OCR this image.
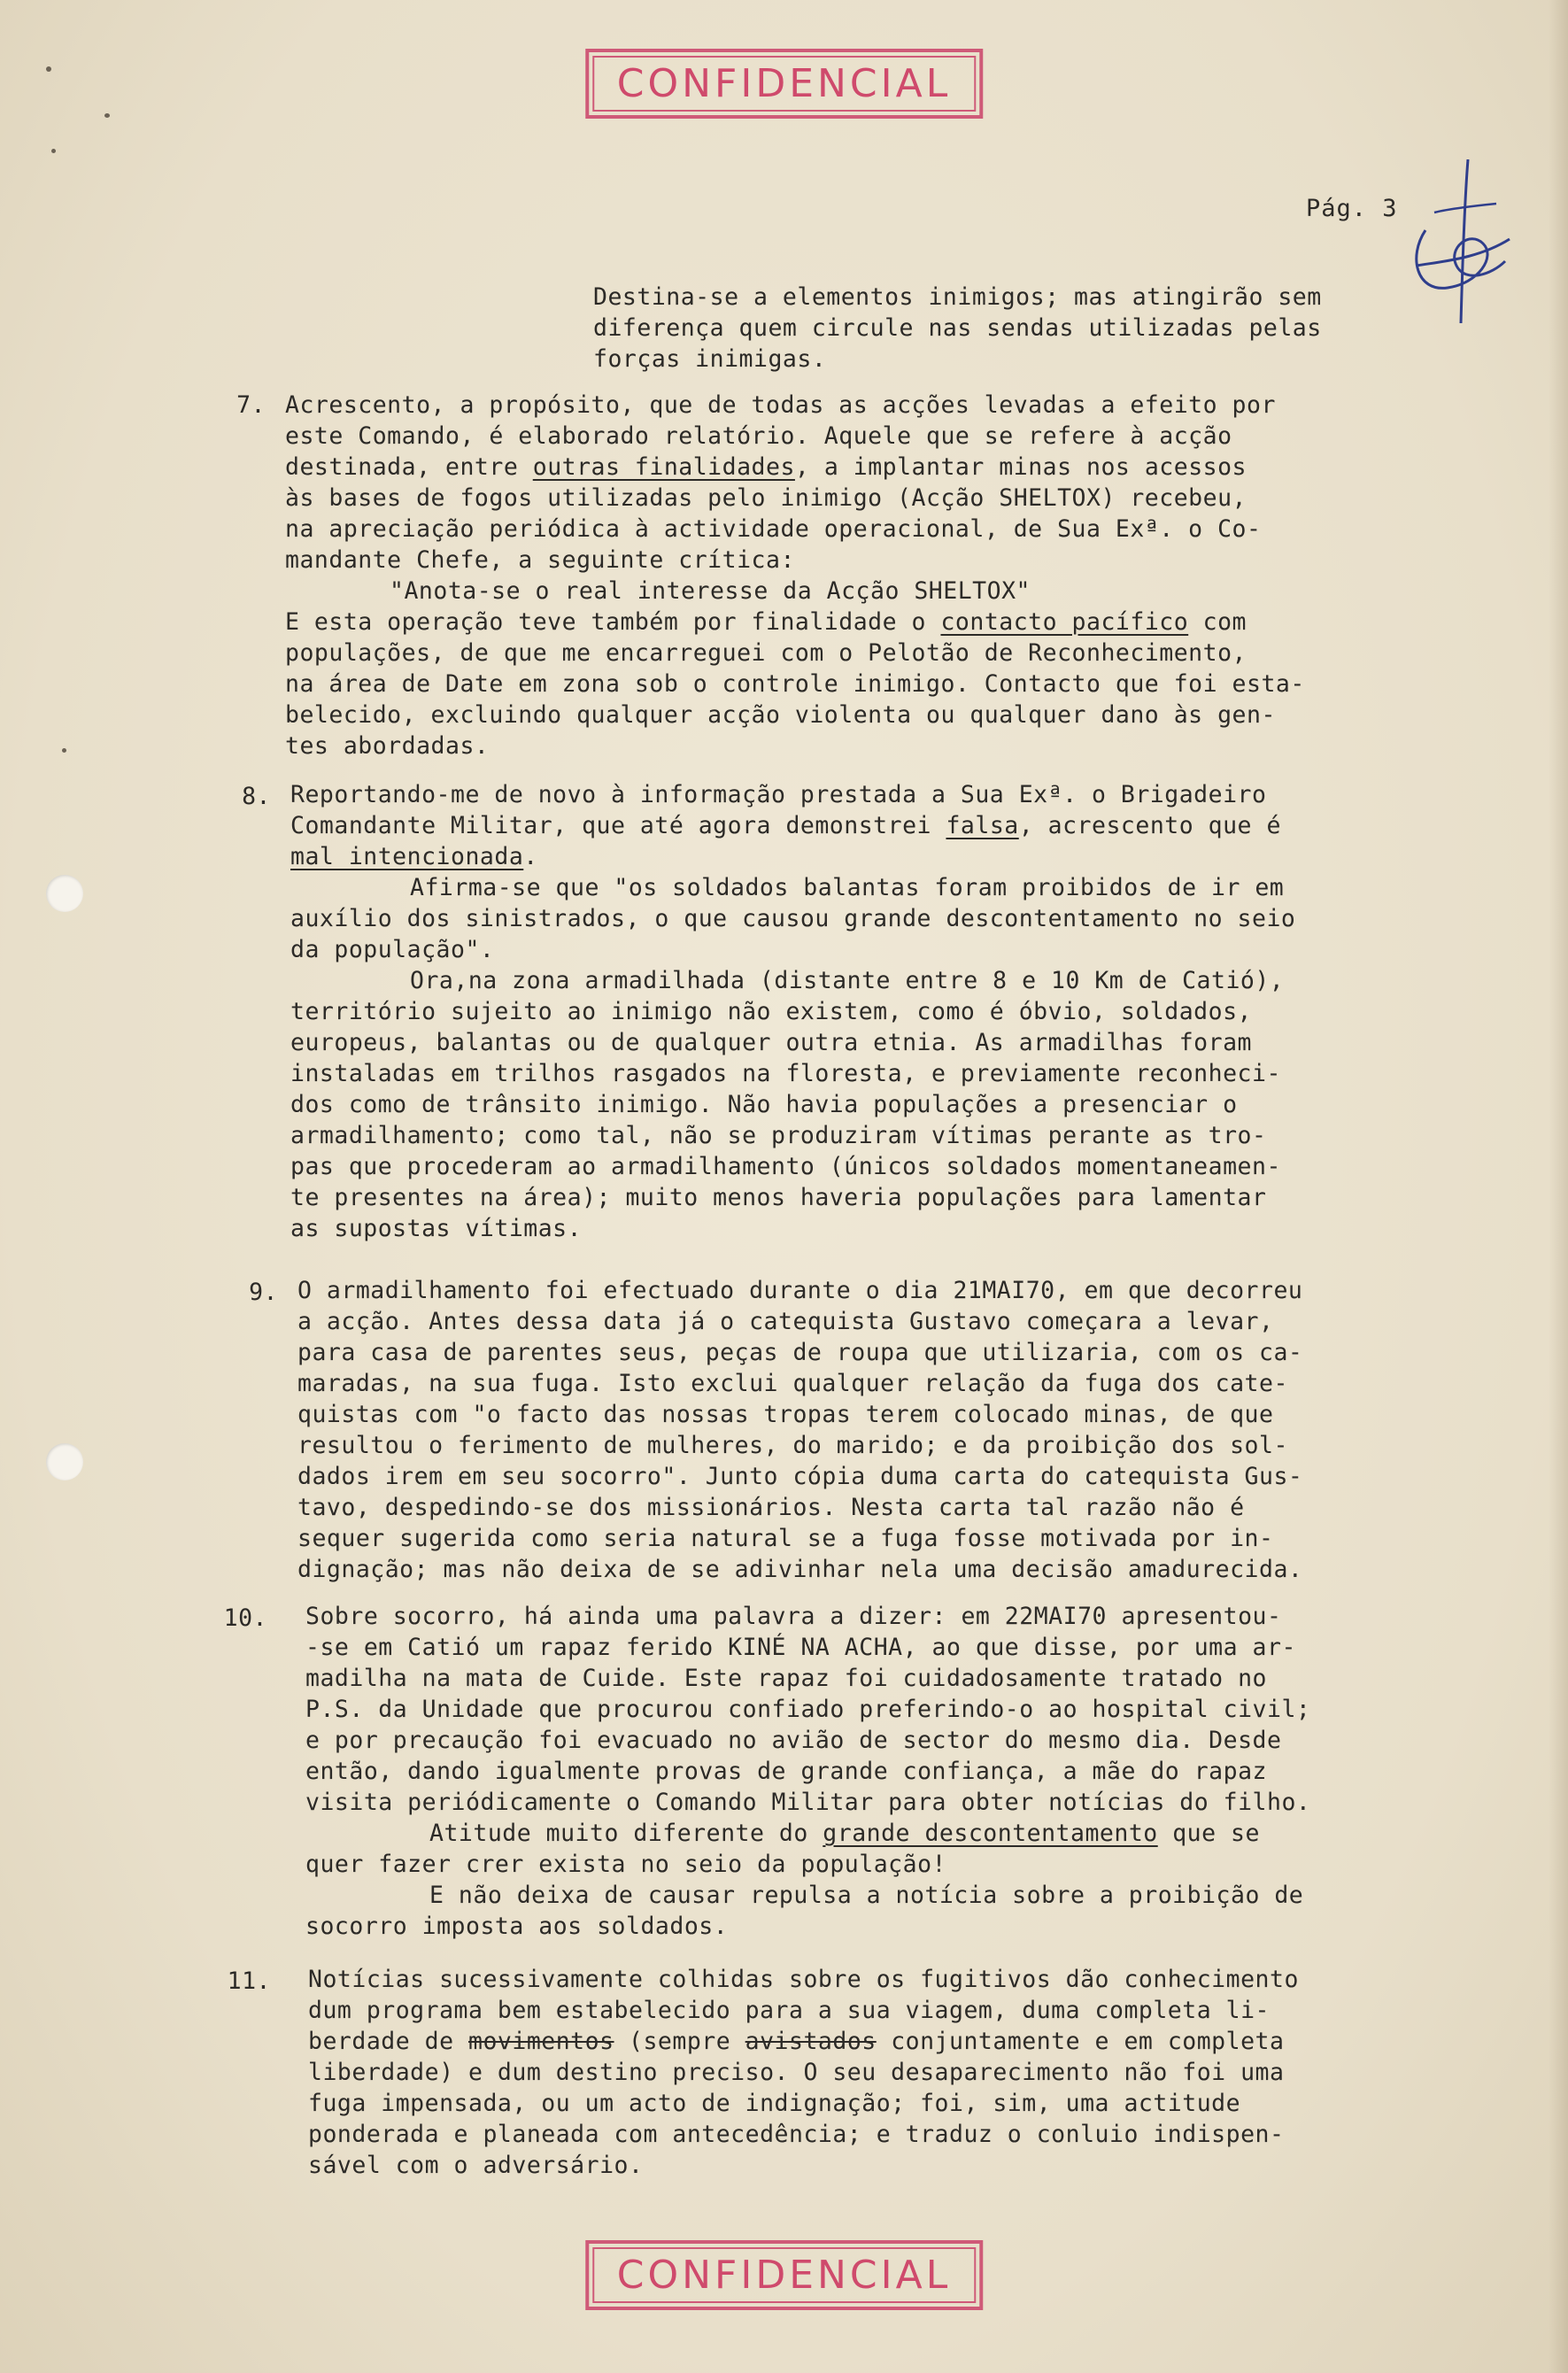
CONFIDENCIAL
Pág. 3
Destina-se a elementos inimigos; mas atingirão sem
diferença quem circule nas sendas utilizadas pelas
forças inimigas.
7. Acrescento, a propósito, que de todas as acções levadas a efeito por
este Comando, é elaborado relatório. Aquele que se refere à acção
destinada, entre outras finalidades, a implantar minas nos acessos
às bases de fogos utilizadas pelo inimigo (Acção SHELTOX) recebeu,
na apreciação periódica à actividade operacional, de Sua Exª. o Co-
mandante Chefe, a seguinte crítica:
"Anota-se o real interesse da Acção SHELTOX"
E esta operação teve também por finalidade o contacto pacífico com
populações, de que me encarreguei com o Pelotão de Reconhecimento,
na área de Date em zona sob o controle inimigo. Contacto que foi esta-
belecido, excluindo qualquer acção violenta ou qualquer dano às gen-
tes abordadas.
8. Reportando-me de novo à informação prestada a Sua Exª. o Brigadeiro
Comandante Militar, que até agora demonstrei falsa, acrescento que é
mal intencionada.
Afirma-se que "os soldados balantas foram proibidos de ir em
auxílio dos sinistrados, o que causou grande descontentamento no seio
da população".
Ora,na zona armadilhada (distante entre 8 e 10 Km de Catió),
território sujeito ao inimigo não existem, como é óbvio, soldados,
europeus, balantas ou de qualquer outra etnia. As armadilhas foram
instaladas em trilhos rasgados na floresta, e previamente reconheci-
dos como de trânsito inimigo. Não havia populações a presenciar o
armadilhamento; como tal, não se produziram vítimas perante as tro-
pas que procederam ao armadilhamento (únicos soldados momentaneamen-
te presentes na área); muito menos haveria populações para lamentar
as supostas vítimas.
9. O armadilhamento foi efectuado durante o dia 21MAI70, em que decorreu
a acção. Antes dessa data já o catequista Gustavo começara a levar,
para casa de parentes seus, peças de roupa que utilizaria, com os ca-
maradas, na sua fuga. Isto exclui qualquer relação da fuga dos cate-
quistas com "o facto das nossas tropas terem colocado minas, de que
resultou o ferimento de mulheres, do marido; e da proibição dos sol-
dados irem em seu socorro". Junto cópia duma carta do catequista Gus-
tavo, despedindo-se dos missionários. Nesta carta tal razão não é
sequer sugerida como seria natural se a fuga fosse motivada por in-
dignação; mas não deixa de se adivinhar nela uma decisão amadurecida.
10. Sobre socorro, há ainda uma palavra a dizer: em 22MAI70 apresentou-
-se em Catió um rapaz ferido KINÉ NA ACHA, ao que disse, por uma ar-
madilha na mata de Cuide. Este rapaz foi cuidadosamente tratado no
P.S. da Unidade que procurou confiado preferindo-o ao hospital civil;
e por precaução foi evacuado no avião de sector do mesmo dia. Desde
então, dando igualmente provas de grande confiança, a mãe do rapaz
visita periódicamente o Comando Militar para obter notícias do filho.
Atitude muito diferente do grande descontentamento que se
quer fazer crer exista no seio da população!
E não deixa de causar repulsa a notícia sobre a proibição de
socorro imposta aos soldados.
11. Notícias sucessivamente colhidas sobre os fugitivos dão conhecimento
dum programa bem estabelecido para a sua viagem, duma completa li-
berdade de movimentos (sempre avistados conjuntamente e em completa
liberdade) e dum destino preciso. O seu desaparecimento não foi uma
fuga impensada, ou um acto de indignação; foi, sim, uma actitude
ponderada e planeada com antecedência; e traduz o conluio indispen-
sável com o adversário.
CONFIDENCIAL
